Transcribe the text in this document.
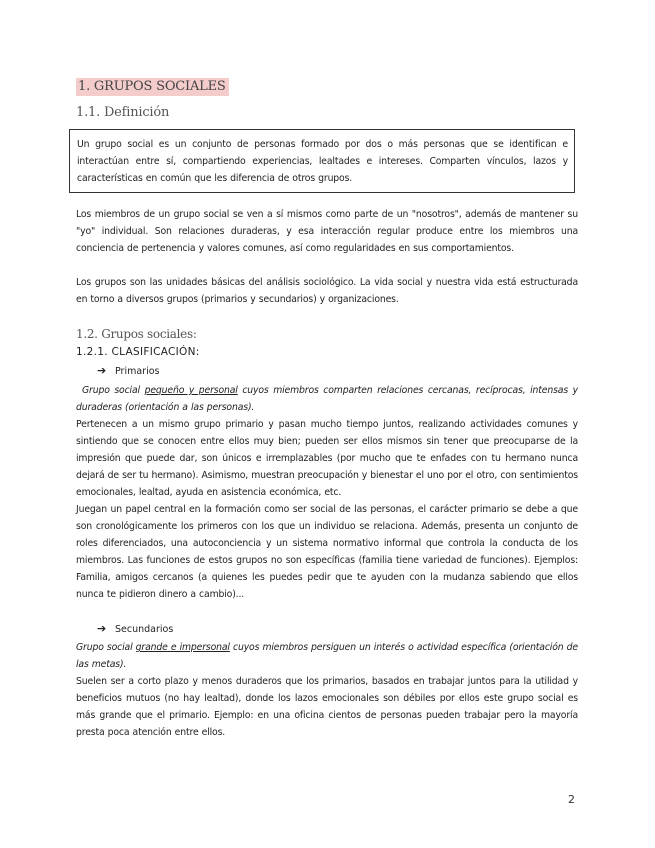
1. GRUPOS SOCIALES
1.1. Definición
Un grupo social es un conjunto de personas formado por dos o más personas que se identifican e interactúan entre sí, compartiendo experiencias, lealtades e intereses. Comparten vínculos, lazos y características en común que les diferencia de otros grupos.
Los miembros de un grupo social se ven a sí mismos como parte de un "nosotros", además de mantener su "yo" individual. Son relaciones duraderas, y esa interacción regular produce entre los miembros una conciencia de pertenencia y valores comunes, así como regularidades en sus comportamientos.
Los grupos son las unidades básicas del análisis sociológico. La vida social y nuestra vida está estructurada en torno a diversos grupos (primarios y secundarios) y organizaciones.
1.2. Grupos sociales:
1.2.1. CLASIFICACIÓN:
➔ Primarios
Grupo social pequeño y personal cuyos miembros comparten relaciones cercanas, recíprocas, intensas y duraderas (orientación a las personas).
Pertenecen a un mismo grupo primario y pasan mucho tiempo juntos, realizando actividades comunes y sintiendo que se conocen entre ellos muy bien; pueden ser ellos mismos sin tener que preocuparse de la impresión que puede dar, son únicos e irremplazables (por mucho que te enfades con tu hermano nunca dejará de ser tu hermano). Asimismo, muestran preocupación y bienestar el uno por el otro, con sentimientos emocionales, lealtad, ayuda en asistencia económica, etc.
Juegan un papel central en la formación como ser social de las personas, el carácter primario se debe a que son cronológicamente los primeros con los que un individuo se relaciona. Además, presenta un conjunto de roles diferenciados, una autoconciencia y un sistema normativo informal que controla la conducta de los miembros. Las funciones de estos grupos no son específicas (familia tiene variedad de funciones). Ejemplos: Familia, amigos cercanos (a quienes les puedes pedir que te ayuden con la mudanza sabiendo que ellos nunca te pidieron dinero a cambio)...
➔ Secundarios
Grupo social grande e impersonal cuyos miembros persiguen un interés o actividad específica (orientación de las metas).
Suelen ser a corto plazo y menos duraderos que los primarios, basados en trabajar juntos para la utilidad y beneficios mutuos (no hay lealtad), donde los lazos emocionales son débiles por ellos este grupo social es más grande que el primario. Ejemplo: en una oficina cientos de personas pueden trabajar pero la mayoría presta poca atención entre ellos.
2
